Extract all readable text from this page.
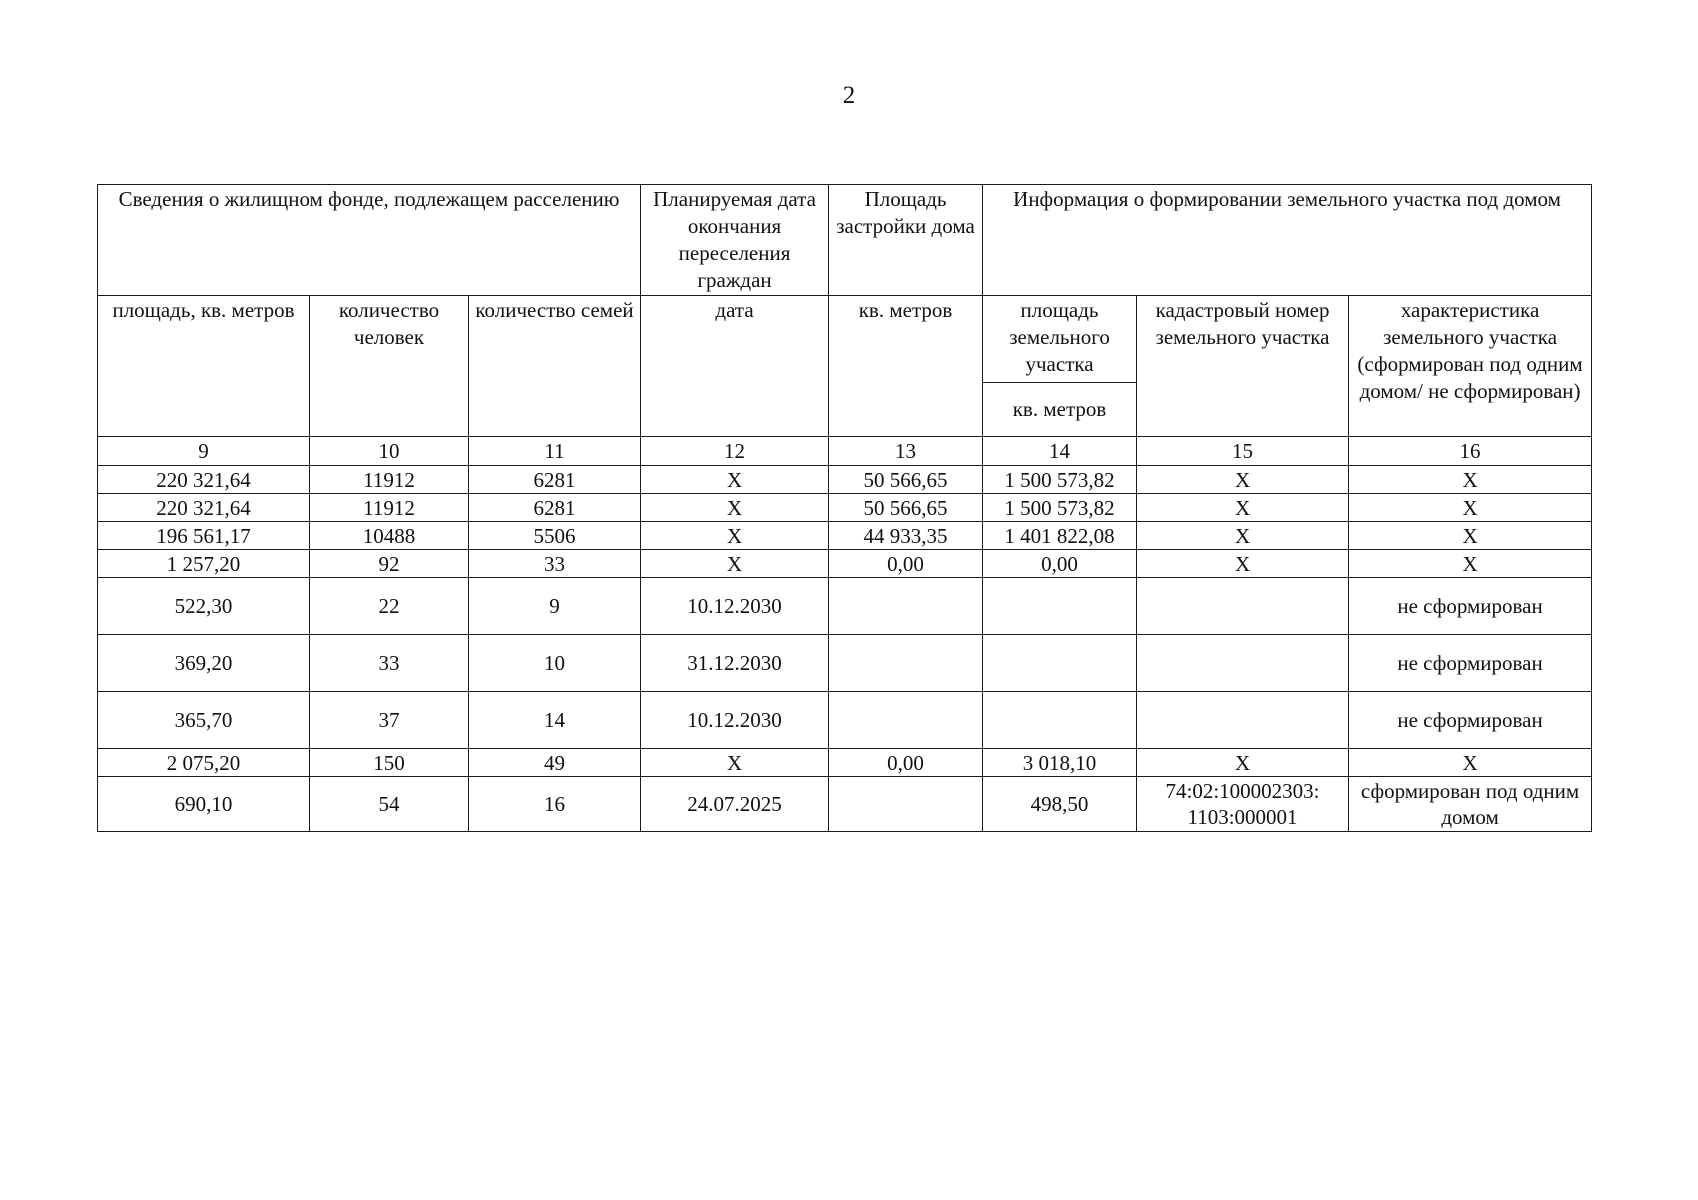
2
Сведения о жилищном фонде, подлежащем расселению			Планируемая дата окончания переселения граждан	Площадь застройки дома	Информация о формировании земельного участка под домом		
площадь, кв. метров	количество человек	количество семей	дата	кв. метров	площадь земельного участка	кадастровый номер земельного участка	характеристика земельного участка (сформирован под одним домом/ не сформирован)
					кв. метров		
9	10	11	12	13	14	15	16
220 321,64	11912	6281	X	50 566,65	1 500 573,82	X	X
220 321,64	11912	6281	X	50 566,65	1 500 573,82	X	X
196 561,17	10488	5506	X	44 933,35	1 401 822,08	X	X
1 257,20	92	33	X	0,00	0,00	X	X
522,30	22	9	10.12.2030				не сформирован
369,20	33	10	31.12.2030				не сформирован
365,70	37	14	10.12.2030				не сформирован
2 075,20	150	49	X	0,00	3 018,10	X	X
690,10	54	16	24.07.2025		498,50	74:02:100002303: 1103:000001	сформирован под одним домом
